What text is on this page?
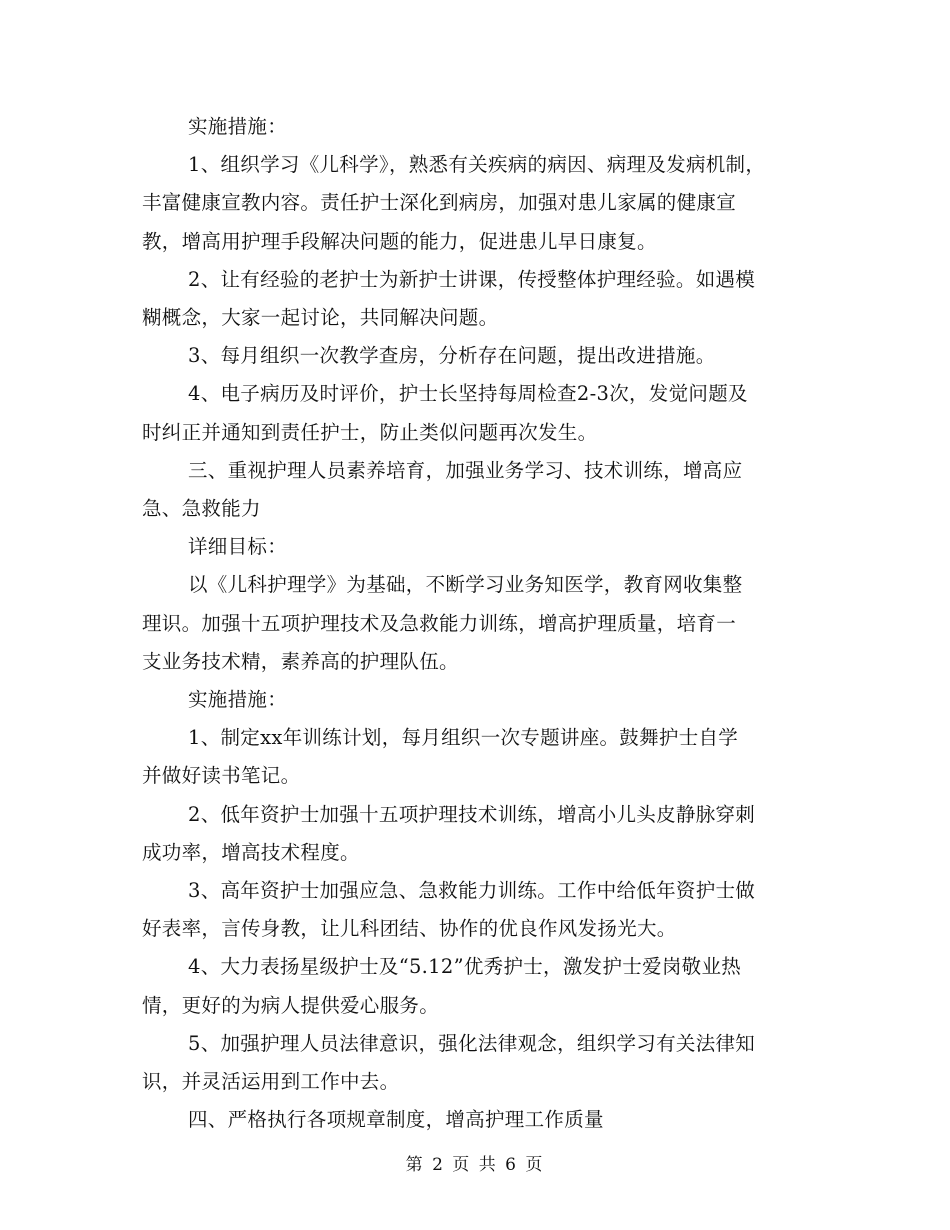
实施措施：
1、组织学习《儿科学》，熟悉有关疾病的病因、病理及发病机制，
丰富健康宣教内容。责任护士深化到病房，加强对患儿家属的健康宣
教，增高用护理手段解决问题的能力，促进患儿早日康复。
2、让有经验的老护士为新护士讲课，传授整体护理经验。如遇模
糊概念，大家一起讨论，共同解决问题。
3、每月组织一次教学查房，分析存在问题，提出改进措施。
4、电子病历及时评价，护士长坚持每周检查2-3次，发觉问题及
时纠正并通知到责任护士，防止类似问题再次发生。
三、重视护理人员素养培育，加强业务学习、技术训练，增高应
急、急救能力
详细目标：
以《儿科护理学》为基础，不断学习业务知医学，教育网收集整
理识。加强十五项护理技术及急救能力训练，增高护理质量，培育一
支业务技术精，素养高的护理队伍。
实施措施：
1、制定xx年训练计划，每月组织一次专题讲座。鼓舞护士自学
并做好读书笔记。
2、低年资护士加强十五项护理技术训练，增高小儿头皮静脉穿刺
成功率，增高技术程度。
3、高年资护士加强应急、急救能力训练。工作中给低年资护士做
好表率，言传身教，让儿科团结、协作的优良作风发扬光大。
4、大力表扬星级护士及“5.12”优秀护士，激发护士爱岗敬业热
情，更好的为病人提供爱心服务。
5、加强护理人员法律意识，强化法律观念，组织学习有关法律知
识，并灵活运用到工作中去。
四、严格执行各项规章制度，增高护理工作质量
第 2 页 共 6 页
